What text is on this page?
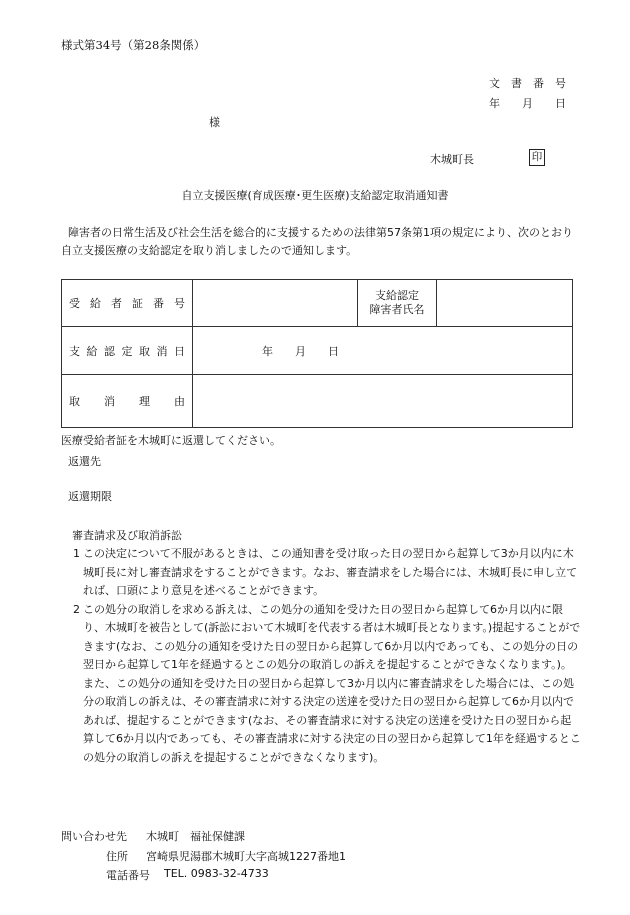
様式第34号（第28条関係）
文　書　番　号
年　　月　　日
様
木城町長	印
自立支援医療(育成医療･更生医療)支給認定取消通知書
障害者の日常生活及び社会生活を総合的に支援するための法律第57条第1項の規定により、次のとおり自立支援医療の支給認定を取り消しましたので通知します。
受給者証番号		支給認定
障害者氏名	

支給認定取消日	年　　月　　日		

取　消　理　由			

医療受給者証を木城町に返還してください。
返還先
返還期限
審査請求及び取消訴訟
1 この決定について不服があるときは、この通知書を受け取った日の翌日から起算して3か月以内に木城町長に対し審査請求をすることができます。なお、審査請求をした場合には、木城町長に申し立てれば、口頭により意見を述べることができます。
2 この処分の取消しを求める訴えは、この処分の通知を受けた日の翌日から起算して6か月以内に限り、木城町を被告として(訴訟において木城町を代表する者は木城町長となります。)提起することができます(なお、この処分の通知を受けた日の翌日から起算して6か月以内であっても、この処分の日の翌日から起算して1年を経過するとこの処分の取消しの訴えを提起することができなくなります。)。また、この処分の通知を受けた日の翌日から起算して3か月以内に審査請求をした場合には、この処分の取消しの訴えは、その審査請求に対する決定の送達を受けた日の翌日から起算して6か月以内であれば、提起することができます(なお、その審査請求に対する決定の送達を受けた日の翌日から起算して6か月以内であっても、その審査請求に対する決定の日の翌日から起算して1年を経過するとこの処分の取消しの訴えを提起することができなくなります)。
問い合わせ先 木城町　福祉保健課
住所 宮崎県児湯郡木城町大字高城1227番地1
電話番号 TEL. 0983-32-4733
